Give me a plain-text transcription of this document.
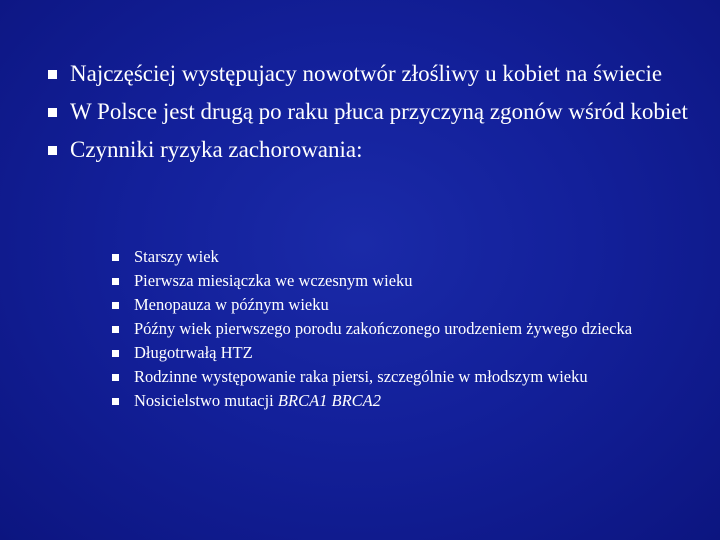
Najczęściej występujacy nowotwór złośliwy u kobiet na świecie
W Polsce jest drugą po raku płuca przyczyną zgonów wśród kobiet
Czynniki ryzyka zachorowania:
Starszy wiek
Pierwsza miesiączka we wczesnym wieku
Menopauza w późnym wieku
Późny wiek pierwszego porodu zakończonego urodzeniem żywego dziecka
Długotrwałą HTZ
Rodzinne występowanie raka piersi, szczególnie w młodszym wieku
Nosicielstwo mutacji BRCA1 BRCA2
